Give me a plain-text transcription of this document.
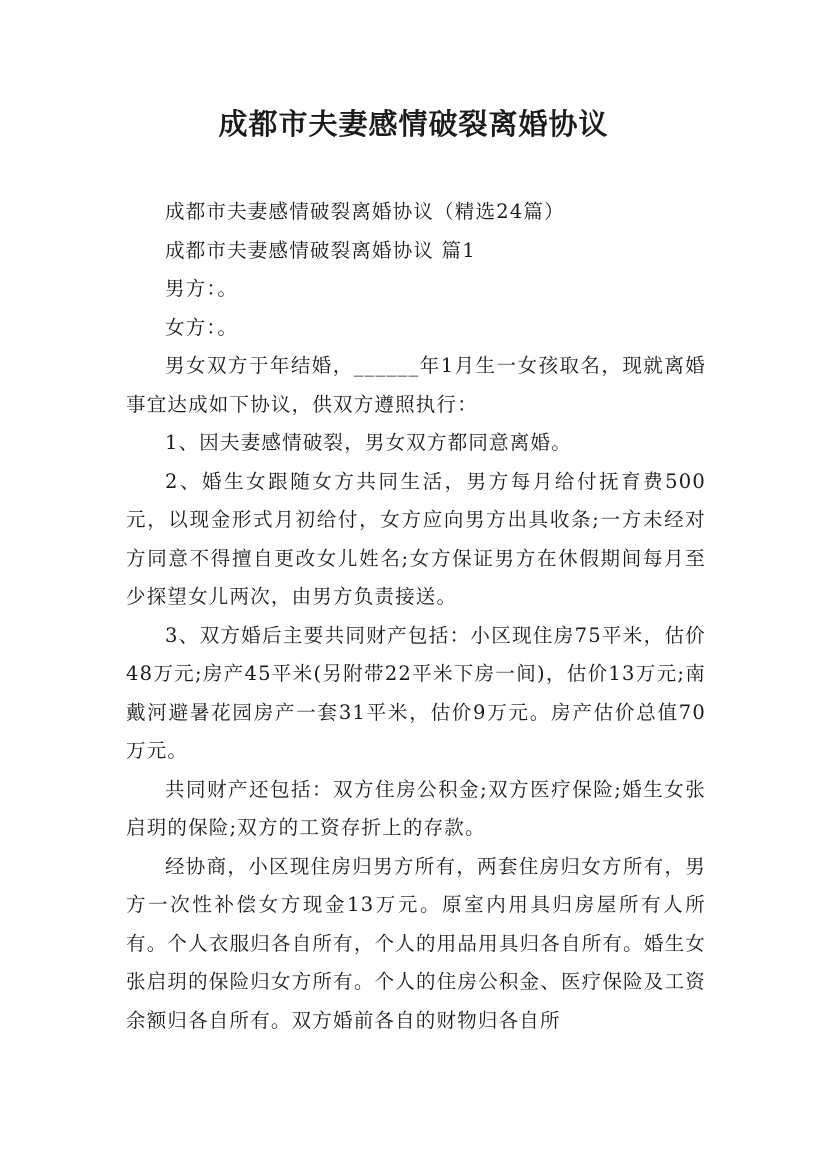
成都市夫妻感情破裂离婚协议

成都市夫妻感情破裂离婚协议（精选24篇）

成都市夫妻感情破裂离婚协议 篇1

男方：。

女方：。

男女双方于年结婚，______年1月生一女孩取名，现就离婚事宜达成如下协议，供双方遵照执行：

1、因夫妻感情破裂，男女双方都同意离婚。

2、婚生女跟随女方共同生活，男方每月给付抚育费500元，以现金形式月初给付，女方应向男方出具收条;一方未经对方同意不得擅自更改女儿姓名;女方保证男方在休假期间每月至少探望女儿两次，由男方负责接送。

3、双方婚后主要共同财产包括：小区现住房75平米，估价48万元;房产45平米(另附带22平米下房一间)，估价13万元;南戴河避暑花园房产一套31平米，估价9万元。房产估价总值70万元。

共同财产还包括：双方住房公积金;双方医疗保险;婚生女张启玥的保险;双方的工资存折上的存款。

经协商，小区现住房归男方所有，两套住房归女方所有，男方一次性补偿女方现金13万元。原室内用具归房屋所有人所有。个人衣服归各自所有，个人的用品用具归各自所有。婚生女张启玥的保险归女方所有。个人的住房公积金、医疗保险及工资余额归各自所有。双方婚前各自的财物归各自所
